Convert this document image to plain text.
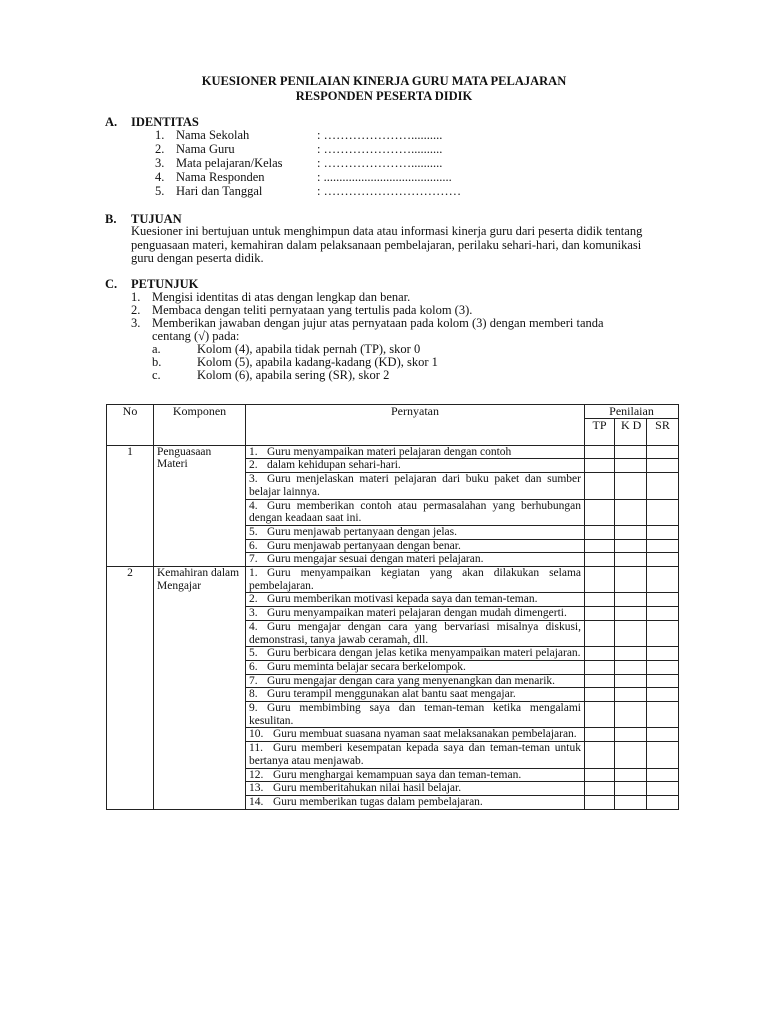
KUESIONER PENILAIAN KINERJA GURU MATA PELAJARAN
RESPONDEN PESERTA DIDIK
A. IDENTITAS
1. Nama Sekolah	: …………………..........
2. Nama Guru	: …………………..........
3. Mata pelajaran/Kelas	: …………………..........
4. Nama Responden	: .........................................
5. Hari dan Tanggal	: ……………………………
B. TUJUAN
Kuesioner ini bertujuan untuk menghimpun data atau informasi kinerja guru dari peserta didik tentang penguasaan materi, kemahiran dalam pelaksanaan pembelajaran, perilaku sehari-hari, dan komunikasi guru dengan peserta didik.
C. PETUNJUK
1. Mengisi identitas di atas dengan lengkap dan benar.
2. Membaca dengan teliti pernyataan yang tertulis pada kolom (3).
3. Memberikan jawaban dengan jujur atas pernyataan pada kolom (3) dengan memberi tanda
centang (√) pada:
a.	Kolom (4), apabila tidak pernah (TP), skor 0
b.	Kolom (5), apabila kadang-kadang (KD), skor 1
c.	Kolom (6), apabila sering (SR), skor 2
No	Komponen	Pernyatan	Penilaian		
			TP	K D	SR
1	Penguasaan Materi	1. Guru menyampaikan materi pelajaran dengan contoh			
		2. dalam kehidupan sehari-hari.			
		3. Guru menjelaskan materi pelajaran dari buku paket dan sumber belajar lainnya.			
		4. Guru memberikan contoh atau permasalahan yang berhubungan dengan keadaan saat ini.			
		5. Guru menjawab pertanyaan dengan jelas.			
		6. Guru menjawab pertanyaan dengan benar.			
		7. Guru mengajar sesuai dengan materi pelajaran.			
2	Kemahiran dalam Mengajar	1. Guru menyampaikan kegiatan yang akan dilakukan selama pembelajaran.			
		2. Guru memberikan motivasi kepada saya dan teman-teman.			
		3. Guru menyampaikan materi pelajaran dengan mudah dimengerti.			
		4. Guru mengajar dengan cara yang bervariasi misalnya diskusi, demonstrasi, tanya jawab ceramah, dll.			
		5. Guru berbicara dengan jelas ketika menyampaikan materi pelajaran.			
		6. Guru meminta belajar secara berkelompok.			
		7. Guru mengajar dengan cara yang menyenangkan dan menarik.			
		8. Guru terampil menggunakan alat bantu saat mengajar.			
		9. Guru membimbing saya dan teman-teman ketika mengalami kesulitan.			
		10. Guru membuat suasana nyaman saat melaksanakan pembelajaran.			
		11. Guru memberi kesempatan kepada saya dan teman-teman untuk bertanya atau menjawab.			
		12. Guru menghargai kemampuan saya dan teman-teman.			
		13. Guru memberitahukan nilai hasil belajar.			
		14. Guru memberikan tugas dalam pembelajaran.			
